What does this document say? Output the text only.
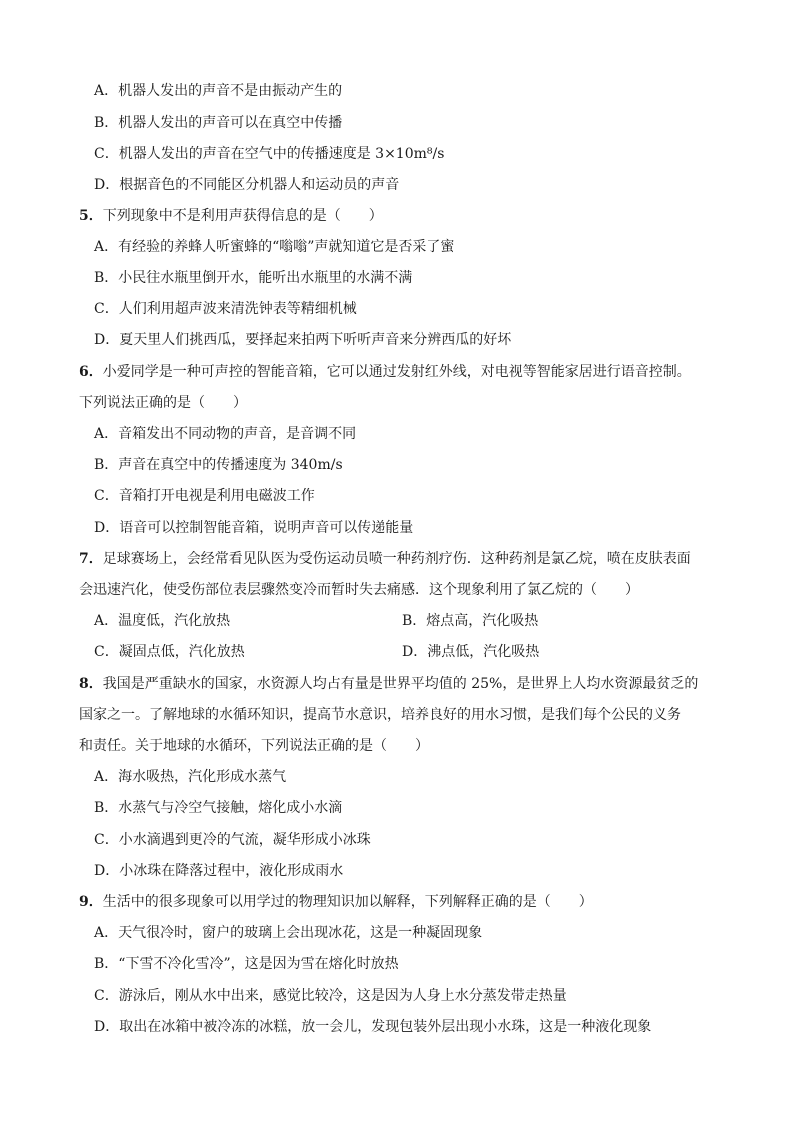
A．机器人发出的声音不是由振动产生的
B．机器人发出的声音可以在真空中传播
C．机器人发出的声音在空气中的传播速度是 3×10m⁸/s
D．根据音色的不同能区分机器人和运动员的声音
5．下列现象中不是利用声获得信息的是（　　）
A．有经验的养蜂人听蜜蜂的“嗡嗡”声就知道它是否采了蜜
B．小民往水瓶里倒开水，能听出水瓶里的水满不满
C．人们利用超声波来清洗钟表等精细机械
D．夏天里人们挑西瓜，要择起来拍两下听听声音来分辨西瓜的好坏
6．小爱同学是一种可声控的智能音箱，它可以通过发射红外线，对电视等智能家居进行语音控制。
下列说法正确的是（　　）
A．音箱发出不同动物的声音，是音调不同
B．声音在真空中的传播速度为 340m/s
C．音箱打开电视是利用电磁波工作
D．语音可以控制智能音箱，说明声音可以传递能量
7．足球赛场上，会经常看见队医为受伤运动员喷一种药剂疗伤．这种药剂是氯乙烷，喷在皮肤表面
会迅速汽化，使受伤部位表层骤然变冷而暂时失去痛感．这个现象利用了氯乙烷的（　　）
A．温度低，汽化放热	B．熔点高，汽化吸热
C．凝固点低，汽化放热	D．沸点低，汽化吸热
8．我国是严重缺水的国家，水资源人均占有量是世界平均值的 25%，是世界上人均水资源最贫乏的
国家之一。了解地球的水循环知识，提高节水意识，培养良好的用水习惯，是我们每个公民的义务
和责任。关于地球的水循环，下列说法正确的是（　　）
A．海水吸热，汽化形成水蒸气
B．水蒸气与冷空气接触，熔化成小水滴
C．小水滴遇到更冷的气流，凝华形成小冰珠
D．小冰珠在降落过程中，液化形成雨水
9．生活中的很多现象可以用学过的物理知识加以解释，下列解释正确的是（　　）
A．天气很冷时，窗户的玻璃上会出现冰花，这是一种凝固现象
B．“下雪不冷化雪冷”，这是因为雪在熔化时放热
C．游泳后，刚从水中出来，感觉比较冷，这是因为人身上水分蒸发带走热量
D．取出在冰箱中被冷冻的冰糕，放一会儿，发现包装外层出现小水珠，这是一种液化现象
